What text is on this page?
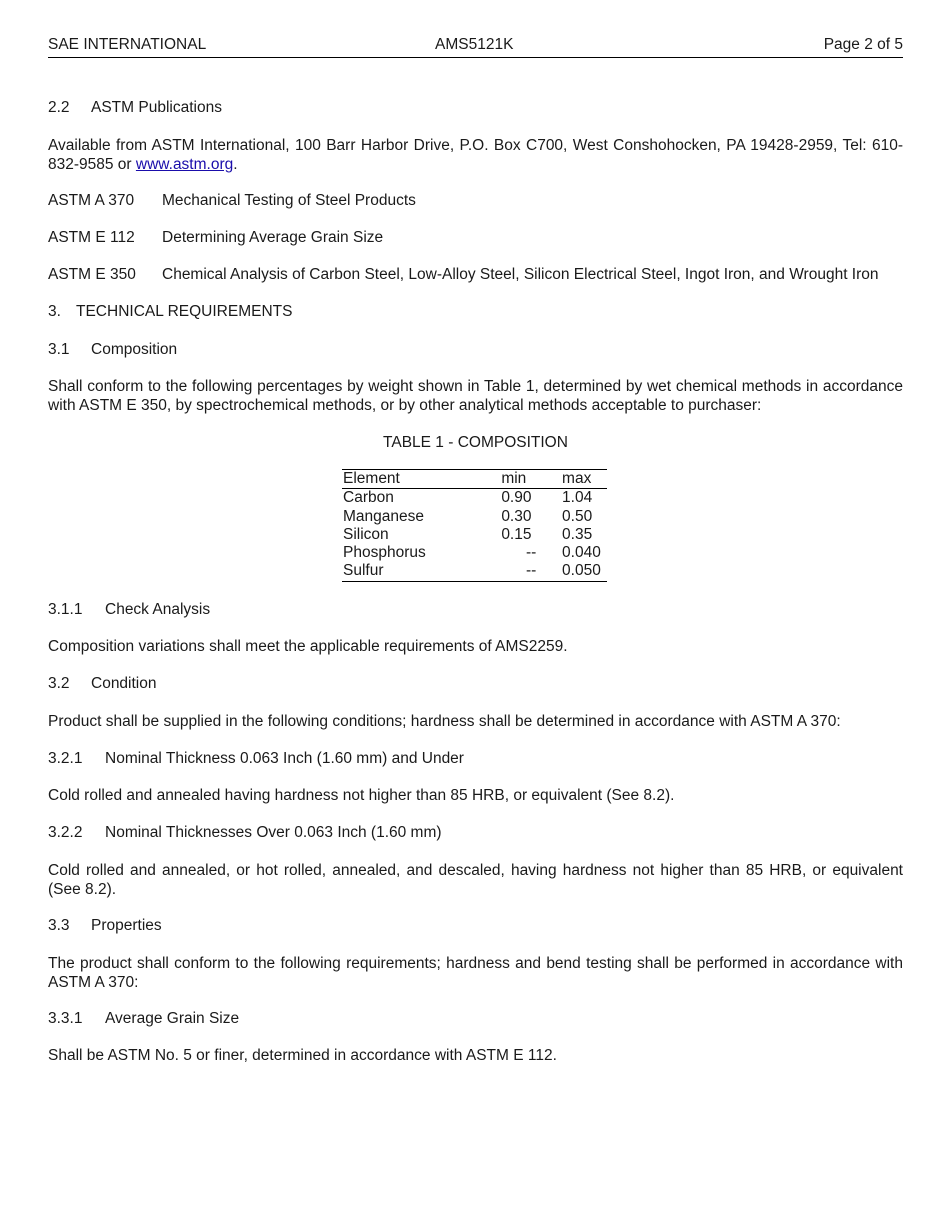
SAE INTERNATIONAL	AMS5121K	Page 2 of 5

2.2 ASTM Publications

Available from ASTM International, 100 Barr Harbor Drive, P.O. Box C700, West Conshohocken, PA 19428-2959, Tel: 610-832-9585 or www.astm.org.

ASTM A 370 Mechanical Testing of Steel Products

ASTM E 112 Determining Average Grain Size

ASTM E 350 Chemical Analysis of Carbon Steel, Low-Alloy Steel, Silicon Electrical Steel, Ingot Iron, and Wrought Iron

3. TECHNICAL REQUIREMENTS

3.1 Composition

Shall conform to the following percentages by weight shown in Table 1, determined by wet chemical methods in accordance with ASTM E 350, by spectrochemical methods, or by other analytical methods acceptable to purchaser:

TABLE 1 - COMPOSITION
Element	min	max
Carbon	0.90	1.04
Manganese	0.30	0.50
Silicon	0.15	0.35
Phosphorus	--	0.040
Sulfur	--	0.050

3.1.1 Check Analysis

Composition variations shall meet the applicable requirements of AMS2259.

3.2 Condition

Product shall be supplied in the following conditions; hardness shall be determined in accordance with ASTM A 370:

3.2.1 Nominal Thickness 0.063 Inch (1.60 mm) and Under

Cold rolled and annealed having hardness not higher than 85 HRB, or equivalent (See 8.2).

3.2.2 Nominal Thicknesses Over 0.063 Inch (1.60 mm)

Cold rolled and annealed, or hot rolled, annealed, and descaled, having hardness not higher than 85 HRB, or equivalent (See 8.2).

3.3 Properties

The product shall conform to the following requirements; hardness and bend testing shall be performed in accordance with ASTM A 370:

3.3.1 Average Grain Size

Shall be ASTM No. 5 or finer, determined in accordance with ASTM E 112.
